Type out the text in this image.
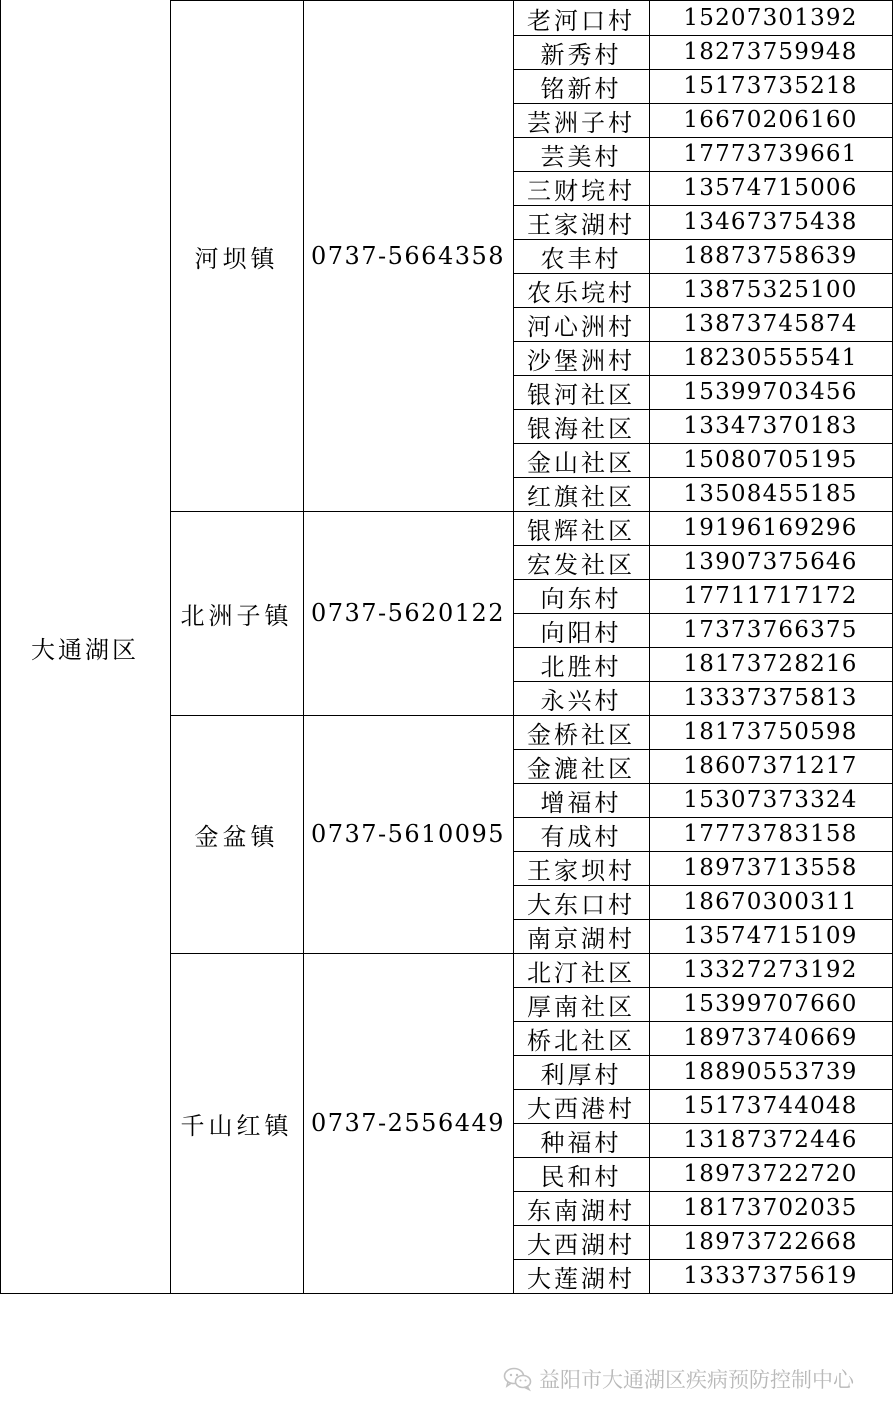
大通湖区
河坝镇	0737-5664358
老河口村	15207301392
新秀村	18273759948
铭新村	15173735218
芸洲子村	16670206160
芸美村	17773739661
三财垸村	13574715006
王家湖村	13467375438
农丰村	18873758639
农乐垸村	13875325100
河心洲村	13873745874
沙堡洲村	18230555541
银河社区	15399703456
银海社区	13347370183
金山社区	15080705195
红旗社区	13508455185
北洲子镇 0737-5620122
银辉社区	19196169296
宏发社区	13907375646
向东村	17711717172
向阳村	17373766375
北胜村	18173728216
永兴村	13337375813
金盆镇	0737-5610095
金桥社区	18173750598
金漉社区	18607371217
增福村	15307373324
有成村	17773783158
王家坝村	18973713558
大东口村	18670300311
南京湖村	13574715109
千山红镇 0737-2556449
北汀社区	13327273192
厚南社区	15399707660
桥北社区	18973740669
利厚村	18890553739
大西港村	15173744048
种福村	13187372446
民和村	18973722720
东南湖村	18173702035
大西湖村	18973722668
大莲湖村	13337375619
益阳市大通湖区疾病预防控制中心
